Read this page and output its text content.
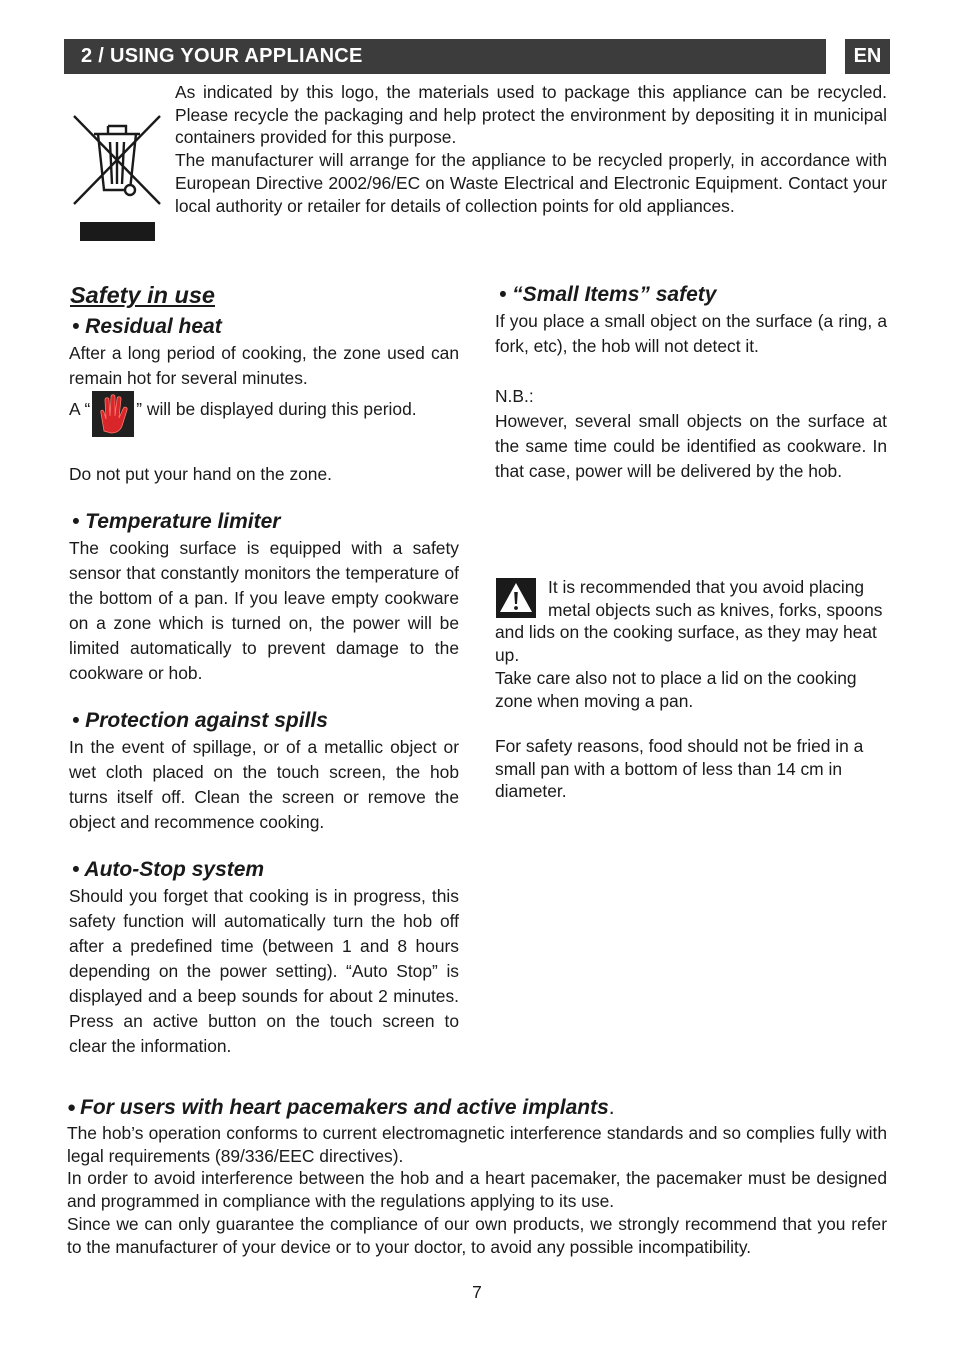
2 / USING YOUR APPLIANCE	EN

As indicated by this logo, the materials used to package this appliance can be recycled. Please recycle the packaging and help protect the environment by depositing it in municipal containers provided for this purpose.

The manufacturer will arrange for the appliance to be recycled properly, in accordance with European Directive 2002/96/EC on Waste Electrical and Electronic Equipment. Contact your local authority or retailer for details of collection points for old appliances.

Safety in use
• Residual heat

After a long period of cooking, the zone used can remain hot for several minutes.

A “	” will be displayed during this period.

Do not put your hand on the zone.

• Temperature limiter

The cooking surface is equipped with a safety sensor that constantly monitors the temperature of the bottom of a pan. If you leave empty cookware on a zone which is turned on, the power will be limited automatically to prevent damage to the cookware or hob.

• Protection against spills

In the event of spillage, or of a metallic object or wet cloth placed on the touch screen, the hob turns itself off. Clean the screen or remove the object and recommence cooking.

• Auto-Stop system

Should you forget that cooking is in progress, this safety function will automatically turn the hob off after a predefined time (between 1 and 8 hours depending on the power setting). “Auto Stop” is displayed and a beep sounds for about 2 minutes. Press an active button on the touch screen to clear the information.

• “Small Items” safety

If you place a small object on the surface (a ring, a fork, etc), the hob will not detect it.

N.B.:

However, several small objects on the surface at the same time could be identified as cookware. In that case, power will be delivered by the hob.

It is recommended that you avoid placing metal objects such as knives, forks, spoons and lids on the cooking surface, as they may heat up.

Take care also not to place a lid on the cooking zone when moving a pan.

For safety reasons, food should not be fried in a small pan with a bottom of less than 14 cm in diameter.

● For users with heart pacemakers and active implants.

The hob’s operation conforms to current electromagnetic interference standards and so complies fully with legal requirements (89/336/EEC directives).

In order to avoid interference between the hob and a heart pacemaker, the pacemaker must be designed and programmed in compliance with the regulations applying to its use.

Since we can only guarantee the compliance of our own products, we strongly recommend that you refer to the manufacturer of your device or to your doctor, to avoid any possible incompatibility.

7
